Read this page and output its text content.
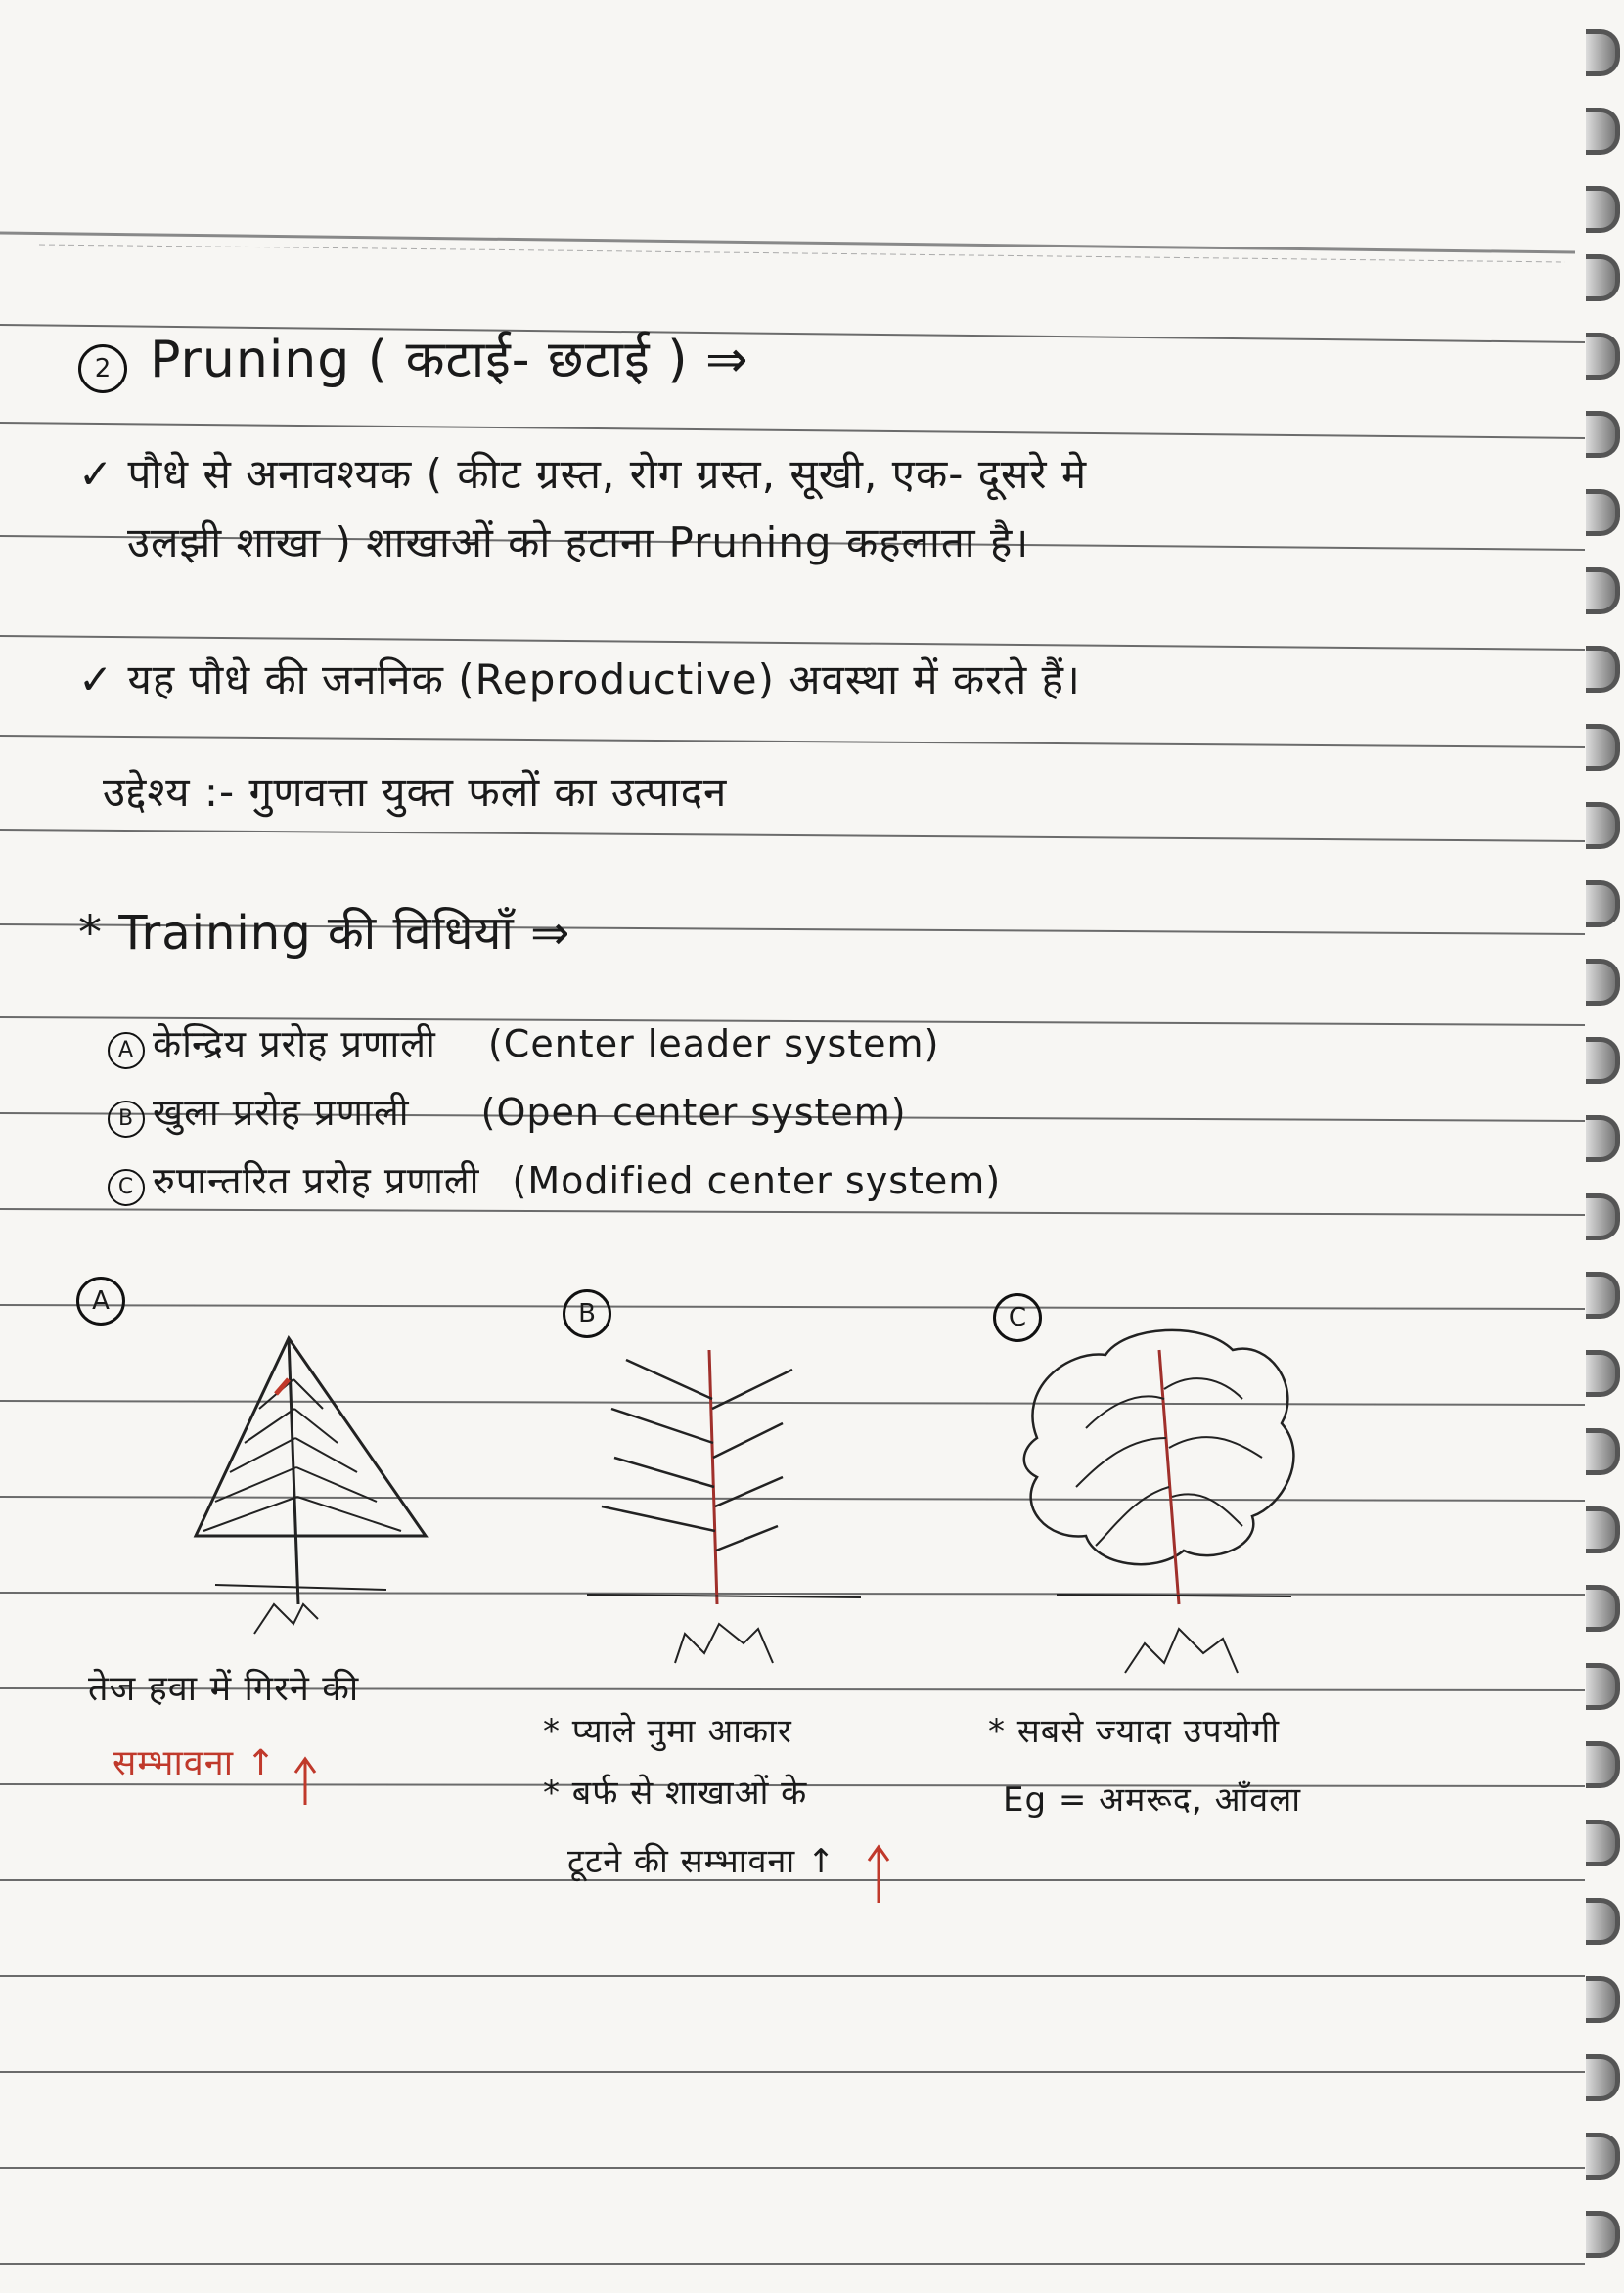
2 Pruning ( कटाई- छटाई ) ⇒
✓ पौधे से अनावश्यक ( कीट ग्रस्त, रोग ग्रस्त, सूखी, एक- दूसरे मे
उलझी शाखा ) शाखाओं को हटाना Pruning कहलाता है।
✓ यह पौधे की जननिक (Reproductive) अवस्था में करते हैं।
उद्देश्य :- गुणवत्ता युक्त फलों का उत्पादन
* Training की विधियाँ ⇒
A केन्द्रिय प्ररोह प्रणाली (Center leader system)
B खुला प्ररोह प्रणाली (Open center system)
C रुपान्तरित प्ररोह प्रणाली (Modified center system)
A	B	C
तेज हवा में गिरने की
सम्भावना ↑
* प्याले नुमा आकार
* बर्फ से शाखाओं के
टूटने की सम्भावना ↑
* सबसे ज्यादा उपयोगी
Eg = अमरूद, आँवला
